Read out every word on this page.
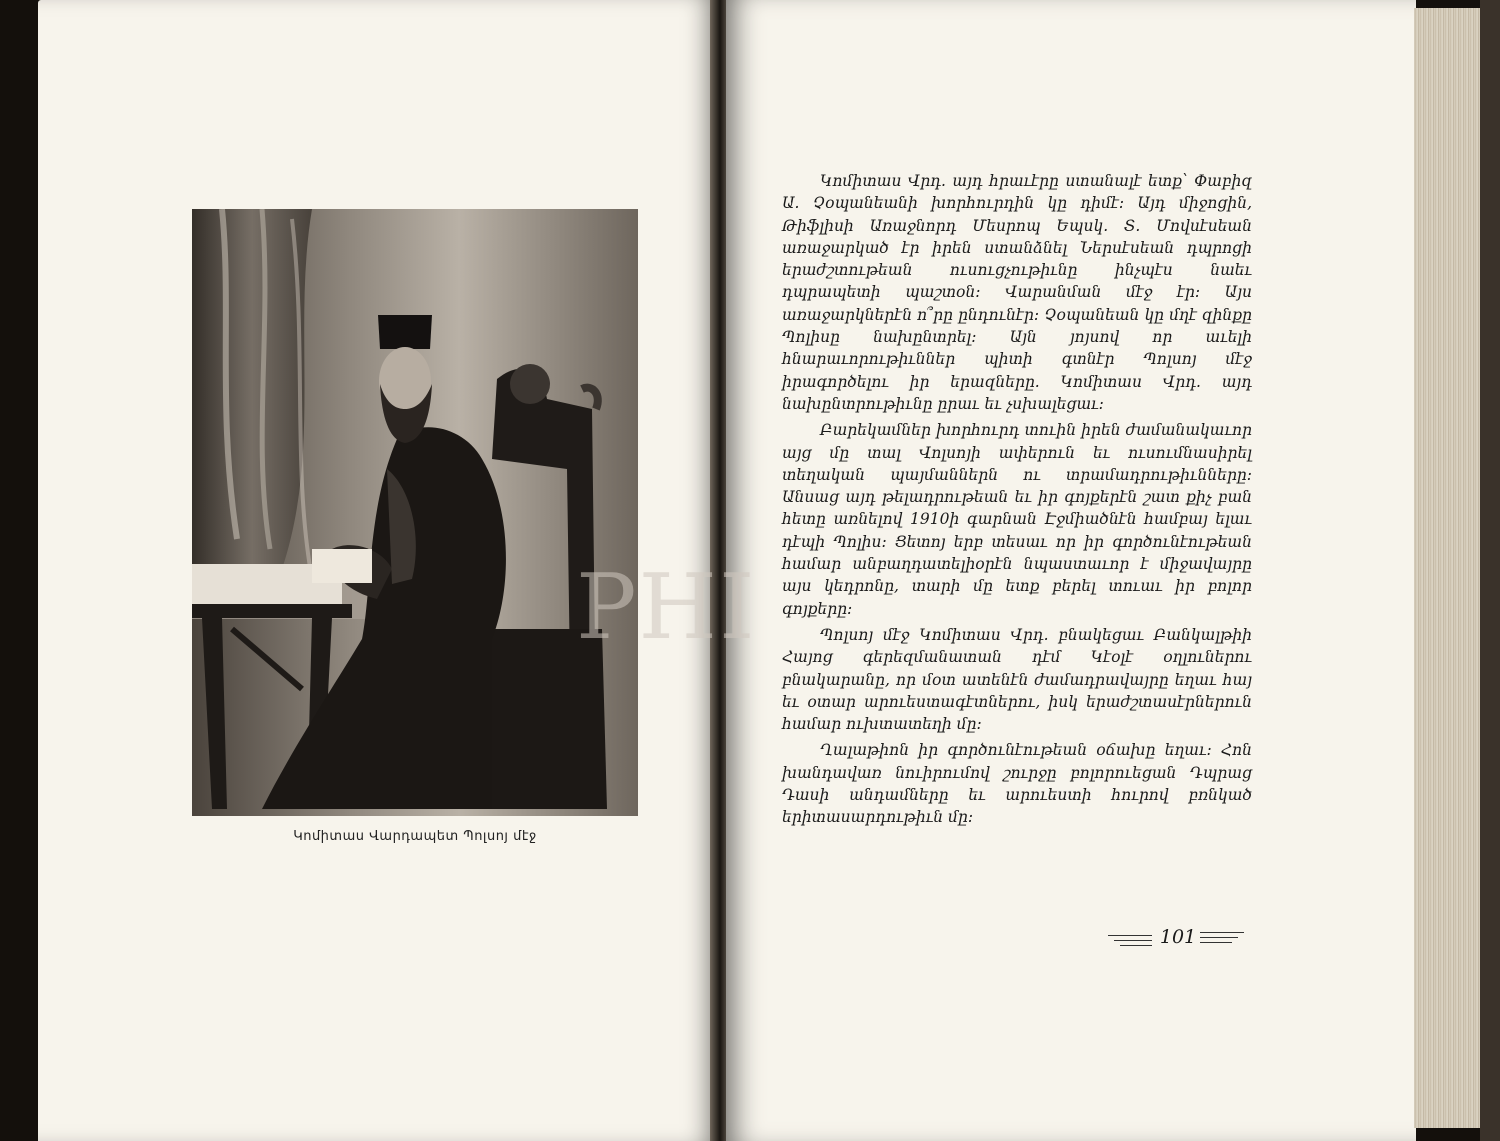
Կոմիտաս Վարդապետ Պոլսոյ մէջ

Կոմիտաս Վրդ. այդ հրաւէրը ստանալէ ետք՝ Փաբիզ Ա. Չօպանեանի խորհուրդին կը դիմէ: Այդ միջոցին, Թիֆլիսի Առաջնորդ Մեսրոպ Եպսկ. Տ. Մովսէսեան առաջարկած էր իրեն ստանձնել Ներսէսեան դպրոցի երաժշտութեան ուսուցչութիւնը ինչպէս նաեւ դպրապետի պաշտօն: Վարանման մէջ էր: Այս առաջարկներէն ո՞րը ընդունէր: Չօպանեան կը մղէ զինքը Պոլիսը նախընտրել: Այն յոյսով որ աւելի հնարաւորութիւններ պիտի գտնէր Պոլսոյ մէջ իրագործելու իր երազները. Կոմիտաս Վրդ. այդ նախընտրութիւնը ըրաւ եւ չսխալեցաւ:

Բարեկամներ խորհուրդ տուին իրեն ժամանակաւոր այց մը տալ Վոլսոյի ափերուն եւ ուսումնասիրել տեղական պայմաններն ու տրամադրութիւնները: Անսաց այդ թելադրութեան եւ իր գոյքերէն շատ քիչ բան հետը առնելով 1910ի գարնան Էջմիածնէն համբայ ելաւ դէպի Պոլիս: Ցետոյ երբ տեսաւ որ իր գործունէութեան համար անբաղդատելիօրէն նպաստաւոր է միջավայրը այս կեդրոնը, տարի մը ետք բերել տուաւ իր բոլոր գոյքերը:

Պոլսոյ մէջ Կոմիտաս Վրդ. բնակեցաւ Բանկալթիի Հայոց գերեզմանատան դէմ Կէօլէ օղլուներու բնակարանը, որ մօտ ատենէն ժամադրավայրը եղաւ հայ եւ օտար արուեստագէտներու, իսկ երաժշտասէրներուն համար ուխտատեղի մը:

Ղալաթիոն իր գործունէութեան օճախը եղաւ: Հոն խանդավառ նուիրումով շուրջը բոլորուեցան Դպրաց Դասի անդամները եւ արուեստի հուրով բռնկած երիտասարդութիւն մը:

101
PHI
